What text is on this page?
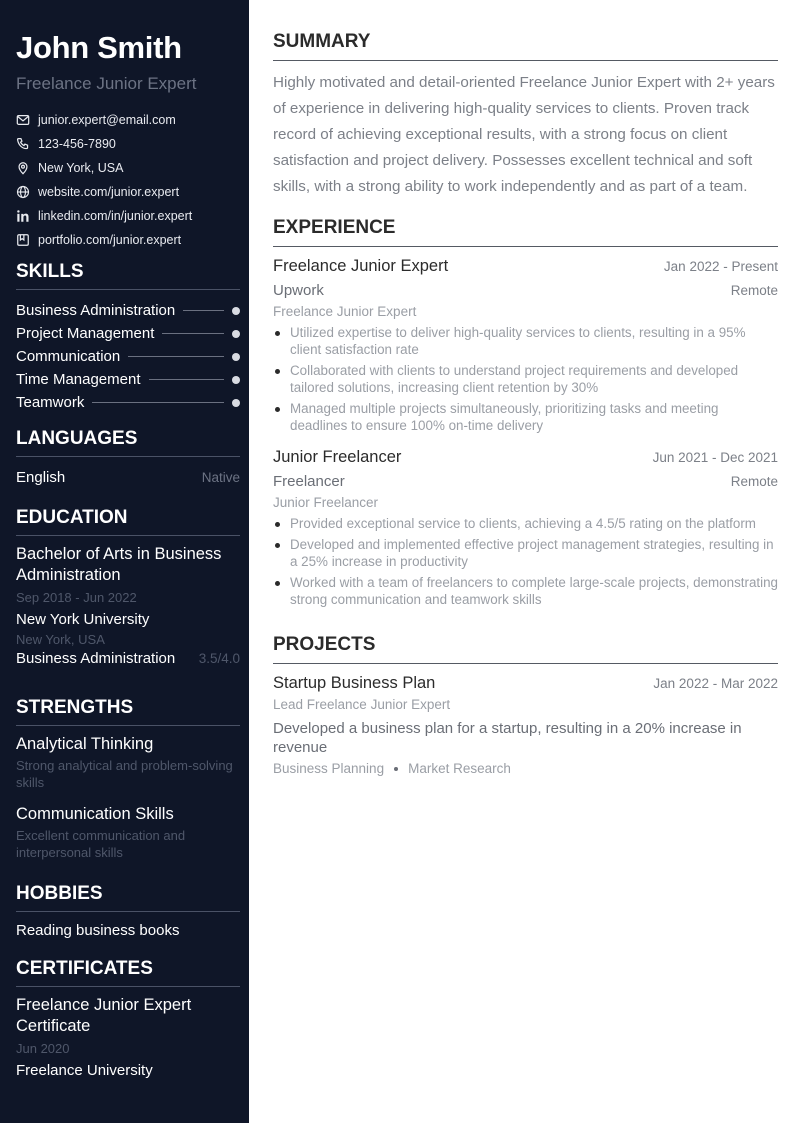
John Smith
Freelance Junior Expert
junior.expert@email.com
123-456-7890
New York, USA
website.com/junior.expert
linkedin.com/in/junior.expert
portfolio.com/junior.expert
SKILLS
Business Administration
Project Management
Communication
Time Management
Teamwork
LANGUAGES
English	Native
EDUCATION
Bachelor of Arts in Business Administration
Sep 2018 - Jun 2022
New York University
New York, USA
Business Administration 3.5/4.0
STRENGTHS
Analytical Thinking
Strong analytical and problem-solving skills
Communication Skills
Excellent communication and interpersonal skills
HOBBIES
Reading business books
CERTIFICATES
Freelance Junior Expert Certificate
Jun 2020
Freelance University
SUMMARY

Highly motivated and detail-oriented Freelance Junior Expert with 2+ years of experience in delivering high-quality services to clients. Proven track record of achieving exceptional results, with a strong focus on client satisfaction and project delivery. Possesses excellent technical and soft skills, with a strong ability to work independently and as part of a team.

EXPERIENCE
Freelance Junior Expert	Jan 2022 - Present
Upwork	Remote
Freelance Junior Expert
Utilized expertise to deliver high-quality services to clients, resulting in a 95% client satisfaction rate
Collaborated with clients to understand project requirements and developed tailored solutions, increasing client retention by 30%
Managed multiple projects simultaneously, prioritizing tasks and meeting deadlines to ensure 100% on-time delivery
Junior Freelancer	Jun 2021 - Dec 2021
Freelancer	Remote
Junior Freelancer
Provided exceptional service to clients, achieving a 4.5/5 rating on the platform
Developed and implemented effective project management strategies, resulting in a 25% increase in productivity
Worked with a team of freelancers to complete large-scale projects, demonstrating strong communication and teamwork skills
PROJECTS
Startup Business Plan	Jan 2022 - Mar 2022
Lead Freelance Junior Expert
Developed a business plan for a startup, resulting in a 20% increase in revenue
Business Planning Market Research
